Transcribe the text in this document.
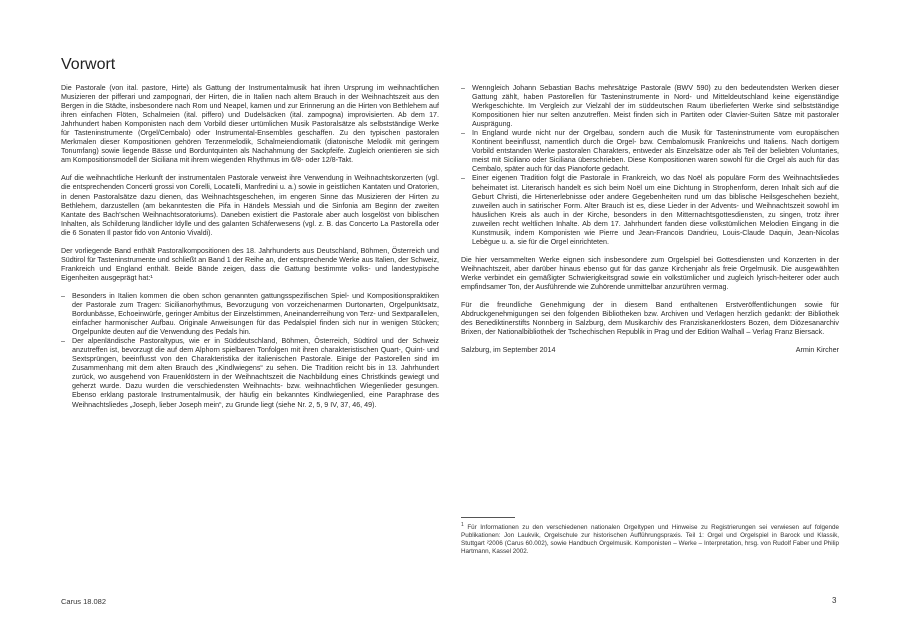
Vorwort

Die Pastorale (von ital. pastore, Hirte) als Gattung der Instrumentalmusik hat ihren Ursprung im weihnachtlichen Musizieren der pifferari und zampognari, der Hirten, die in Italien nach altem Brauch in der Weihnachtszeit aus den Bergen in die Städte, insbesondere nach Rom und Neapel, kamen und zur Erinnerung an die Hirten von Bethlehem auf ihren einfachen Flöten, Schalmeien (ital. piffero) und Dudelsäcken (ital. zampogna) improvisierten. Ab dem 17. Jahrhundert haben Komponisten nach dem Vorbild dieser urtümlichen Musik Pastoralsätze als selbstständige Werke für Tasteninstrumente (Orgel/Cembalo) oder Instrumental-Ensembles geschaffen. Zu den typischen pastoralen Merkmalen dieser Kompositionen gehören Terzenmelodik, Schalmeiendiomatik (diatonische Melodik mit geringem Tonumfang) sowie liegende Bässe und Borduntquinten als Nachahmung der Sackpfeife. Zugleich orientieren sie sich am Kompositionsmodell der Siciliana mit ihrem wiegenden Rhythmus im 6/8- oder 12/8-Takt.

Auf die weihnachtliche Herkunft der instrumentalen Pastorale verweist ihre Verwendung in Weihnachtskonzerten (vgl. die entsprechenden Concerti grossi von Corelli, Locatelli, Manfredini u. a.) sowie in geistlichen Kantaten und Oratorien, in denen Pastoralsätze dazu dienen, das Weihnachtsgeschehen, im engeren Sinne das Musizieren der Hirten zu Bethlehem, darzustellen (am bekanntesten die Pifa in Händels Messiah und die Sinfonia am Beginn der zweiten Kantate des Bach'schen Weihnachtsoratoriums). Daneben existiert die Pastorale aber auch losgelöst von biblischen Inhalten, als Schilderung ländlicher Idylle und des galanten Schäferwesens (vgl. z. B. das Concerto La Pastorella oder die 6 Sonaten Il pastor fido von Antonio Vivaldi).

Der vorliegende Band enthält Pastoralkompositionen des 18. Jahrhunderts aus Deutschland, Böhmen, Österreich und Südtirol für Tasteninstrumente und schließt an Band 1 der Reihe an, der entsprechende Werke aus Italien, der Schweiz, Frankreich und England enthält. Beide Bände zeigen, dass die Gattung bestimmte volks- und landestypische Eigenheiten ausgeprägt hat:¹

– Besonders in Italien kommen die oben schon genannten gattungsspezifischen Spiel- und Kompositionspraktiken der Pastorale zum Tragen: Sicilianorhythmus, Bevorzugung von vorzeichenarmen Durtonarten, Orgelpunktsatz, Bordunbässe, Echoeinwürfe, geringer Ambitus der Einzelstimmen, Aneinanderreihung von Terz- und Sextparallelen, einfacher harmonischer Aufbau. Originale Anweisungen für das Pedalspiel finden sich nur in wenigen Stücken; Orgelpunkte deuten auf die Verwendung des Pedals hin.
– Der alpenländische Pastoraltypus, wie er in Süddeutschland, Böhmen, Österreich, Südtirol und der Schweiz anzutreffen ist, bevorzugt die auf dem Alphorn spielbaren Tonfolgen mit ihren charakteristischen Quart-, Quint- und Sextsprüngen, beeinflusst von den Charakteristika der italienischen Pastorale. Einige der Pastorellen sind im Zusammenhang mit dem alten Brauch des „Kindlwiegens“ zu sehen. Die Tradition reicht bis in 13. Jahrhundert zurück, wo ausgehend von Frauenklöstern in der Weihnachtszeit die Nachbildung eines Christkinds gewiegt und geherzt wurde. Dazu wurden die verschiedensten Weihnachts- bzw. weihnachtlichen Wiegenlieder gesungen. Ebenso erklang pastorale Instrumentalmusik, der häufig ein bekanntes Kindlwiegenlied, eine Paraphrase des Weihnachtsliedes „Joseph, lieber Joseph mein“, zu Grunde liegt (siehe Nr. 2, 5, 9 IV, 37, 46, 49).
– Wenngleich Johann Sebastian Bachs mehrsätzige Pastorale (BWV 590) zu den bedeutendsten Werken dieser Gattung zählt, haben Pastorellen für Tasteninstrumente in Nord- und Mitteldeutschland keine eigenständige Werkgeschichte. Im Vergleich zur Vielzahl der im süddeutschen Raum überlieferten Werke sind selbstständige Kompositionen hier nur selten anzutreffen. Meist finden sich in Partiten oder Clavier-Suiten Sätze mit pastoraler Ausprägung.
– In England wurde nicht nur der Orgelbau, sondern auch die Musik für Tasteninstrumente vom europäischen Kontinent beeinflusst, namentlich durch die Orgel- bzw. Cembalomusik Frankreichs und Italiens. Nach dortigem Vorbild entstanden Werke pastoralen Charakters, entweder als Einzelsätze oder als Teil der beliebten Voluntaries, meist mit Siciliano oder Siciliana überschrieben. Diese Kompositionen waren sowohl für die Orgel als auch für das Cembalo, später auch für das Pianoforte gedacht.
– Einer eigenen Tradition folgt die Pastorale in Frankreich, wo das Noël als populäre Form des Weihnachtsliedes beheimatet ist. Literarisch handelt es sich beim Noël um eine Dichtung in Strophenform, deren Inhalt sich auf die Geburt Christi, die Hirtenerlebnisse oder andere Gegebenheiten rund um das biblische Heilsgeschehen bezieht, zuweilen auch in satirischer Form. Alter Brauch ist es, diese Lieder in der Advents- und Weihnachtszeit sowohl im häuslichen Kreis als auch in der Kirche, besonders in den Mitternachtsgottesdiensten, zu singen, trotz ihrer zuweilen recht weltlichen Inhalte. Ab dem 17. Jahrhundert fanden diese volkstümlichen Melodien Eingang in die Kunstmusik, indem Komponisten wie Pierre und Jean-Francois Dandrieu, Louis-Claude Daquin, Jean-Nicolas Lebègue u. a. sie für die Orgel einrichteten.

Die hier versammelten Werke eignen sich insbesondere zum Orgelspiel bei Gottesdiensten und Konzerten in der Weihnachtszeit, aber darüber hinaus ebenso gut für das ganze Kirchenjahr als freie Orgelmusik. Die ausgewählten Werke verbindet ein gemäßigter Schwierigkeitsgrad sowie ein volkstümlicher und zugleich lyrisch-heiterer oder auch empfindsamer Ton, der Ausführende wie Zuhörende unmittelbar anzurühren vermag.

Für die freundliche Genehmigung der in diesem Band enthaltenen Erstveröffentlichungen sowie für Abdruckgenehmigungen sei den folgenden Bibliotheken bzw. Archiven und Verlagen herzlich gedankt: der Bibliothek des Benediktinerstifts Nonnberg in Salzburg, dem Musikarchiv des Franziskanerklosters Bozen, dem Diözesanarchiv Brixen, der Nationalbibliothek der Tschechischen Republik in Prag und der Edition Walhall – Verlag Franz Biersack.

Salzburg, im September 2014	Armin Kircher
$^1$ Für Informationen zu den verschiedenen nationalen Orgeltypen und Hinweise zu Registrierungen sei verwiesen auf folgende Publikationen: Jon Laukvik, Orgelschule zur historischen Aufführungspraxis. Teil 1: Orgel und Orgelspiel in Barock und Klassik, Stuttgart ²2006 (Carus 60.002), sowie Handbuch Orgelmusik. Komponisten – Werke – Interpretation, hrsg. von Rudolf Faber und Philip Hartmann, Kassel 2002.
Carus 18.082	3
